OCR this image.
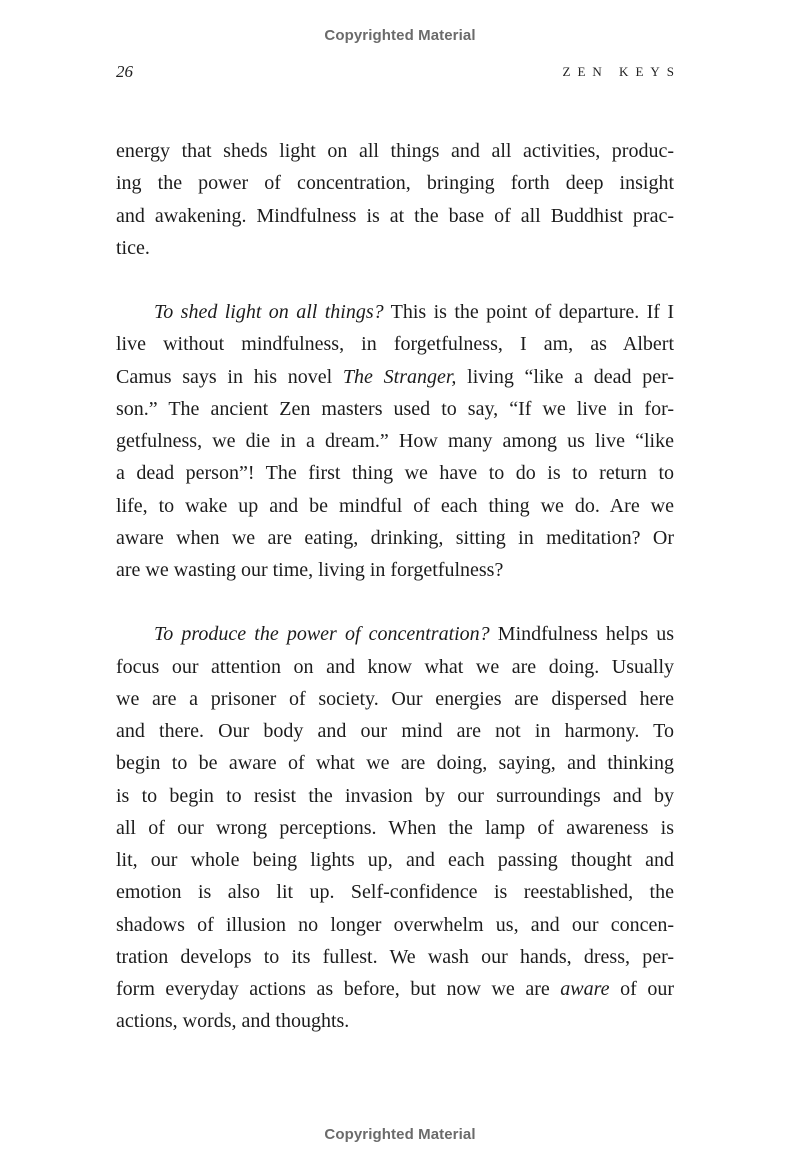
Copyrighted Material
26	ZEN KEYS
energy that sheds light on all things and all activities, produc-
ing the power of concentration, bringing forth deep insight
and awakening. Mindfulness is at the base of all Buddhist prac-
tice.
To shed light on all things? This is the point of departure. If I
live without mindfulness, in forgetfulness, I am, as Albert
Camus says in his novel The Stranger, living “like a dead per-
son.” The ancient Zen masters used to say, “If we live in for-
getfulness, we die in a dream.” How many among us live “like
a dead person”! The first thing we have to do is to return to
life, to wake up and be mindful of each thing we do. Are we
aware when we are eating, drinking, sitting in meditation? Or
are we wasting our time, living in forgetfulness?
To produce the power of concentration? Mindfulness helps us
focus our attention on and know what we are doing. Usually
we are a prisoner of society. Our energies are dispersed here
and there. Our body and our mind are not in harmony. To
begin to be aware of what we are doing, saying, and thinking
is to begin to resist the invasion by our surroundings and by
all of our wrong perceptions. When the lamp of awareness is
lit, our whole being lights up, and each passing thought and
emotion is also lit up. Self-confidence is reestablished, the
shadows of illusion no longer overwhelm us, and our concen-
tration develops to its fullest. We wash our hands, dress, per-
form everyday actions as before, but now we are aware of our
actions, words, and thoughts.
Copyrighted Material
